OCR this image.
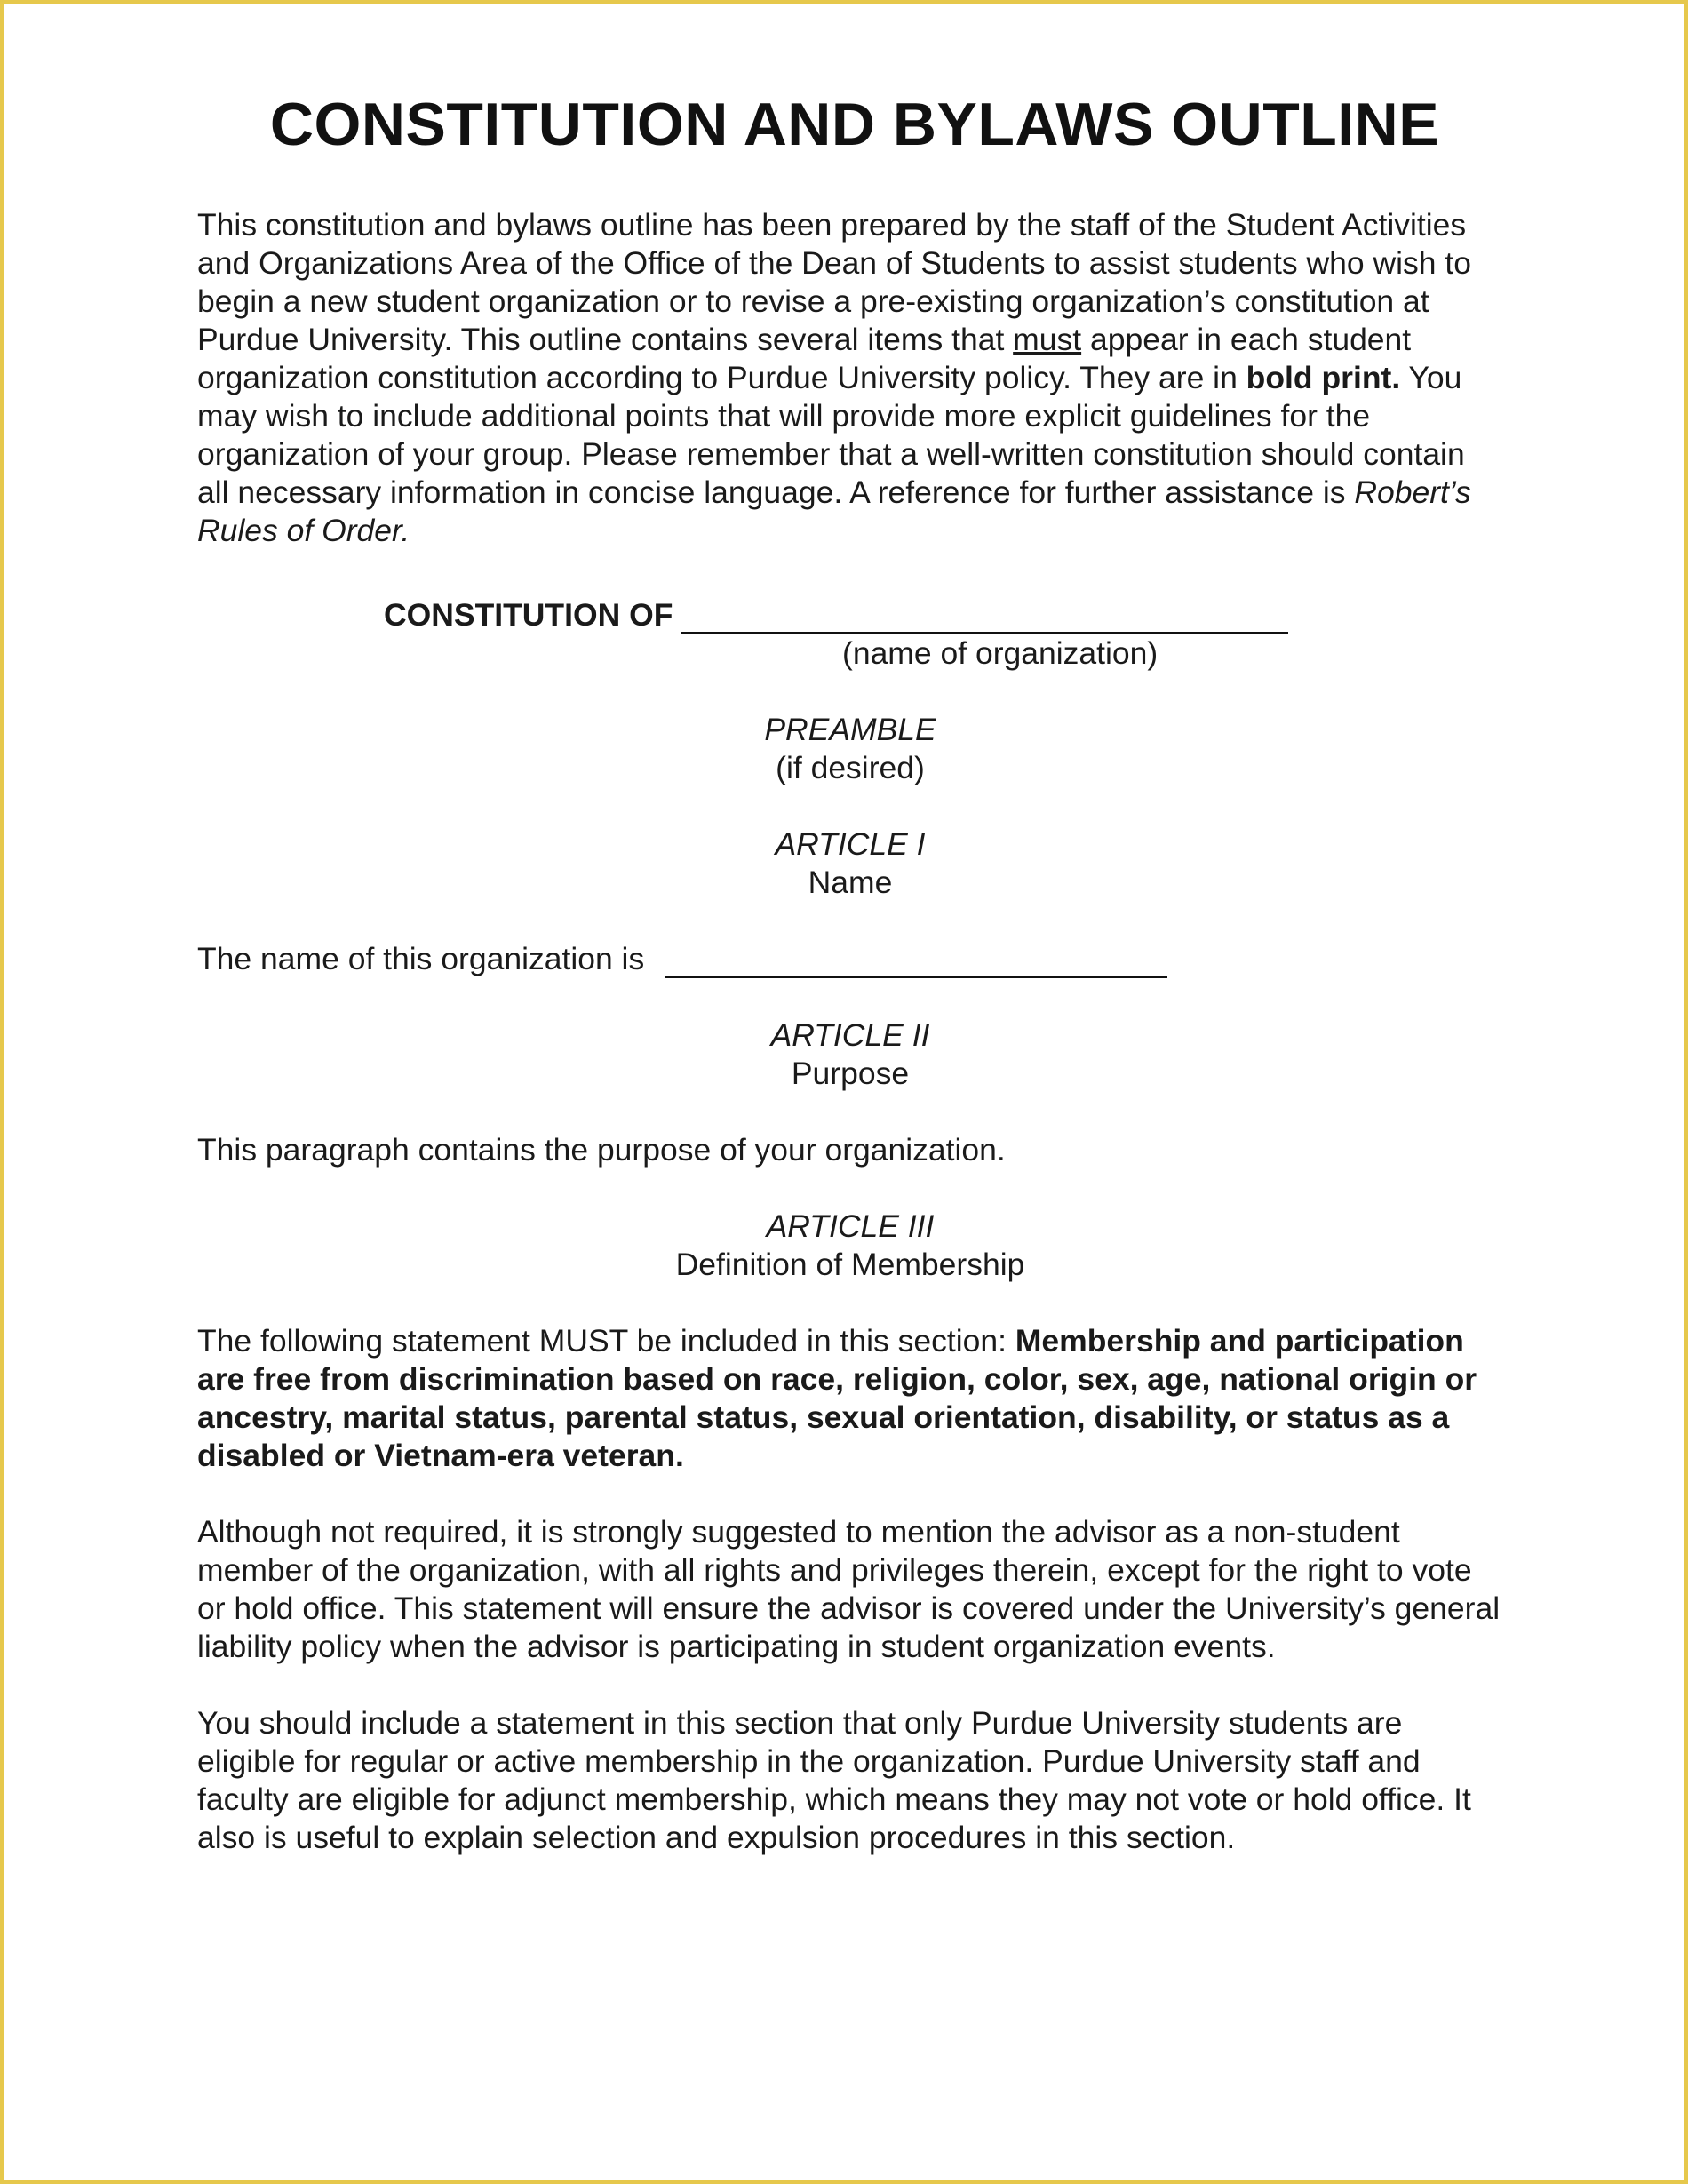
CONSTITUTION AND BYLAWS OUTLINE

This constitution and bylaws outline has been prepared by the staff of the Student Activities and Organizations Area of the Office of the Dean of Students to assist students who wish to begin a new student organization or to revise a pre-existing organization’s constitution at Purdue University. This outline contains several items that must appear in each student organization constitution according to Purdue University policy. They are in bold print. You may wish to include additional points that will provide more explicit guidelines for the organization of your group. Please remember that a well-written constitution should contain all necessary information in concise language. A reference for further assistance is Robert’s Rules of Order.

CONSTITUTION OF
(name of organization)
PREAMBLE
(if desired)
ARTICLE I
Name
The name of this organization is
ARTICLE II
Purpose

This paragraph contains the purpose of your organization.

ARTICLE III
Definition of Membership

The following statement MUST be included in this section: Membership and participation are free from discrimination based on race, religion, color, sex, age, national origin or ancestry, marital status, parental status, sexual orientation, disability, or status as a disabled or Vietnam-era veteran.

Although not required, it is strongly suggested to mention the advisor as a non-student member of the organization, with all rights and privileges therein, except for the right to vote or hold office. This statement will ensure the advisor is covered under the University’s general liability policy when the advisor is participating in student organization events.

You should include a statement in this section that only Purdue University students are eligible for regular or active membership in the organization. Purdue University staff and faculty are eligible for adjunct membership, which means they may not vote or hold office. It also is useful to explain selection and expulsion procedures in this section.
